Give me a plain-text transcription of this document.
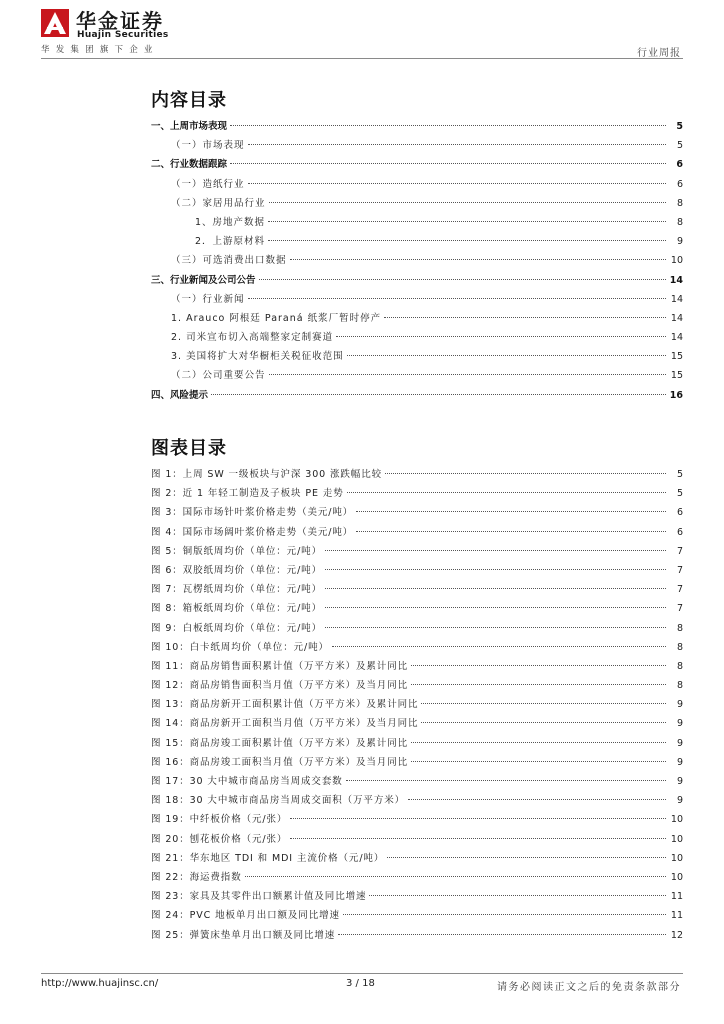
华金证券
Huajin Securities
华发集团旗下企业	行业周报
内容目录
一、上周市场表现	5
（一）市场表现	5
二、行业数据跟踪	6
（一）造纸行业	6
（二）家居用品行业	8
1、房地产数据	8
2．上游原材料	9
（三）可选消费出口数据	10
三、行业新闻及公司公告	14
（一）行业新闻	14
1. Arauco 阿根廷 Paraná 纸浆厂暂时停产	14
2. 司米宣布切入高端整家定制赛道	14
3. 美国将扩大对华橱柜关税征收范围	15
（二）公司重要公告	15
四、风险提示	16
图表目录
图 1：上周 SW 一级板块与沪深 300 涨跌幅比较	5
图 2：近 1 年轻工制造及子板块 PE 走势	5
图 3：国际市场针叶浆价格走势（美元/吨）	6
图 4：国际市场阔叶浆价格走势（美元/吨）	6
图 5：铜版纸周均价（单位：元/吨）	7
图 6：双胶纸周均价（单位：元/吨）	7
图 7：瓦楞纸周均价（单位：元/吨）	7
图 8：箱板纸周均价（单位：元/吨）	7
图 9：白板纸周均价（单位：元/吨）	8
图 10：白卡纸周均价（单位：元/吨）	8
图 11：商品房销售面积累计值（万平方米）及累计同比	8
图 12：商品房销售面积当月值（万平方米）及当月同比	8
图 13：商品房新开工面积累计值（万平方米）及累计同比	9
图 14：商品房新开工面积当月值（万平方米）及当月同比	9
图 15：商品房竣工面积累计值（万平方米）及累计同比	9
图 16：商品房竣工面积当月值（万平方米）及当月同比	9
图 17：30 大中城市商品房当周成交套数	9
图 18：30 大中城市商品房当周成交面积（万平方米）	9
图 19：中纤板价格（元/张）	10
图 20：刨花板价格（元/张）	10
图 21：华东地区 TDI 和 MDI 主流价格（元/吨）	10
图 22：海运费指数	10
图 23：家具及其零件出口额累计值及同比增速	11
图 24：PVC 地板单月出口额及同比增速	11
图 25：弹簧床垫单月出口额及同比增速	12
http://www.huajinsc.cn/	3 / 18	请务必阅读正文之后的免责条款部分
